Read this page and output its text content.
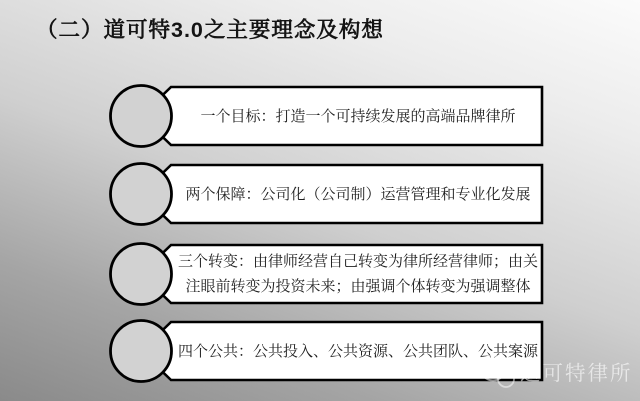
（二）道可特3.0之主要理念及构想
一个目标：打造一个可持续发展的高端品牌律所
两个保障：公司化（公司制）运营管理和专业化发展
三个转变：由律师经营自己转变为律所经营律师；由关
注眼前转变为投资未来；由强调个体转变为强调整体
四个公共：公共投入、公共资源、公共团队、公共案源
道可特律所
